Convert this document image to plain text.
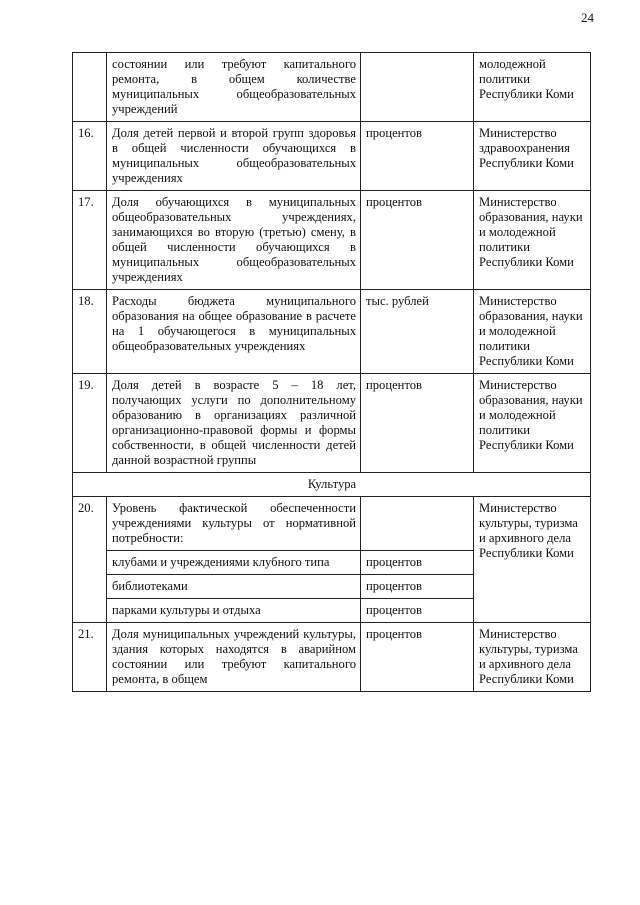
24
	состоянии или требуют капитального ремонта, в общем количестве муниципальных общеобразовательных учреждений		молодежной политики Республики Коми
16.	Доля детей первой и второй групп здоровья в общей численности обучающихся в муниципальных общеобразовательных учреждениях	процентов	Министерство здравоохранения Республики Коми
17.	Доля обучающихся в муниципальных общеобразовательных учреждениях, занимающихся во вторую (третью) смену, в общей численности обучающихся в муниципальных общеобразовательных учреждениях	процентов	Министерство образования, науки и молодежной политики Республики Коми
18.	Расходы бюджета муниципального образования на общее образование в расчете на 1 обучающегося в муниципальных общеобразовательных учреждениях	тыс. рублей	Министерство образования, науки и молодежной политики Республики Коми
19.	Доля детей в возрасте 5 – 18 лет, получающих услуги по дополнительному образованию в организациях различной организационно-правовой формы и формы собственности, в общей численности детей данной возрастной группы	процентов	Министерство образования, науки и молодежной политики Республики Коми
Культура			
20.	Уровень фактической обеспеченности учреждениями культуры от нормативной потребности:		Министерство культуры, туризма и архивного дела Республики Коми
	клубами и учреждениями клубного типа	процентов	
	библиотеками	процентов	
	парками культуры и отдыха	процентов	
21.	Доля муниципальных учреждений культуры, здания которых находятся в аварийном состоянии или требуют капитального ремонта, в общем	процентов	Министерство культуры, туризма и архивного дела Республики Коми
